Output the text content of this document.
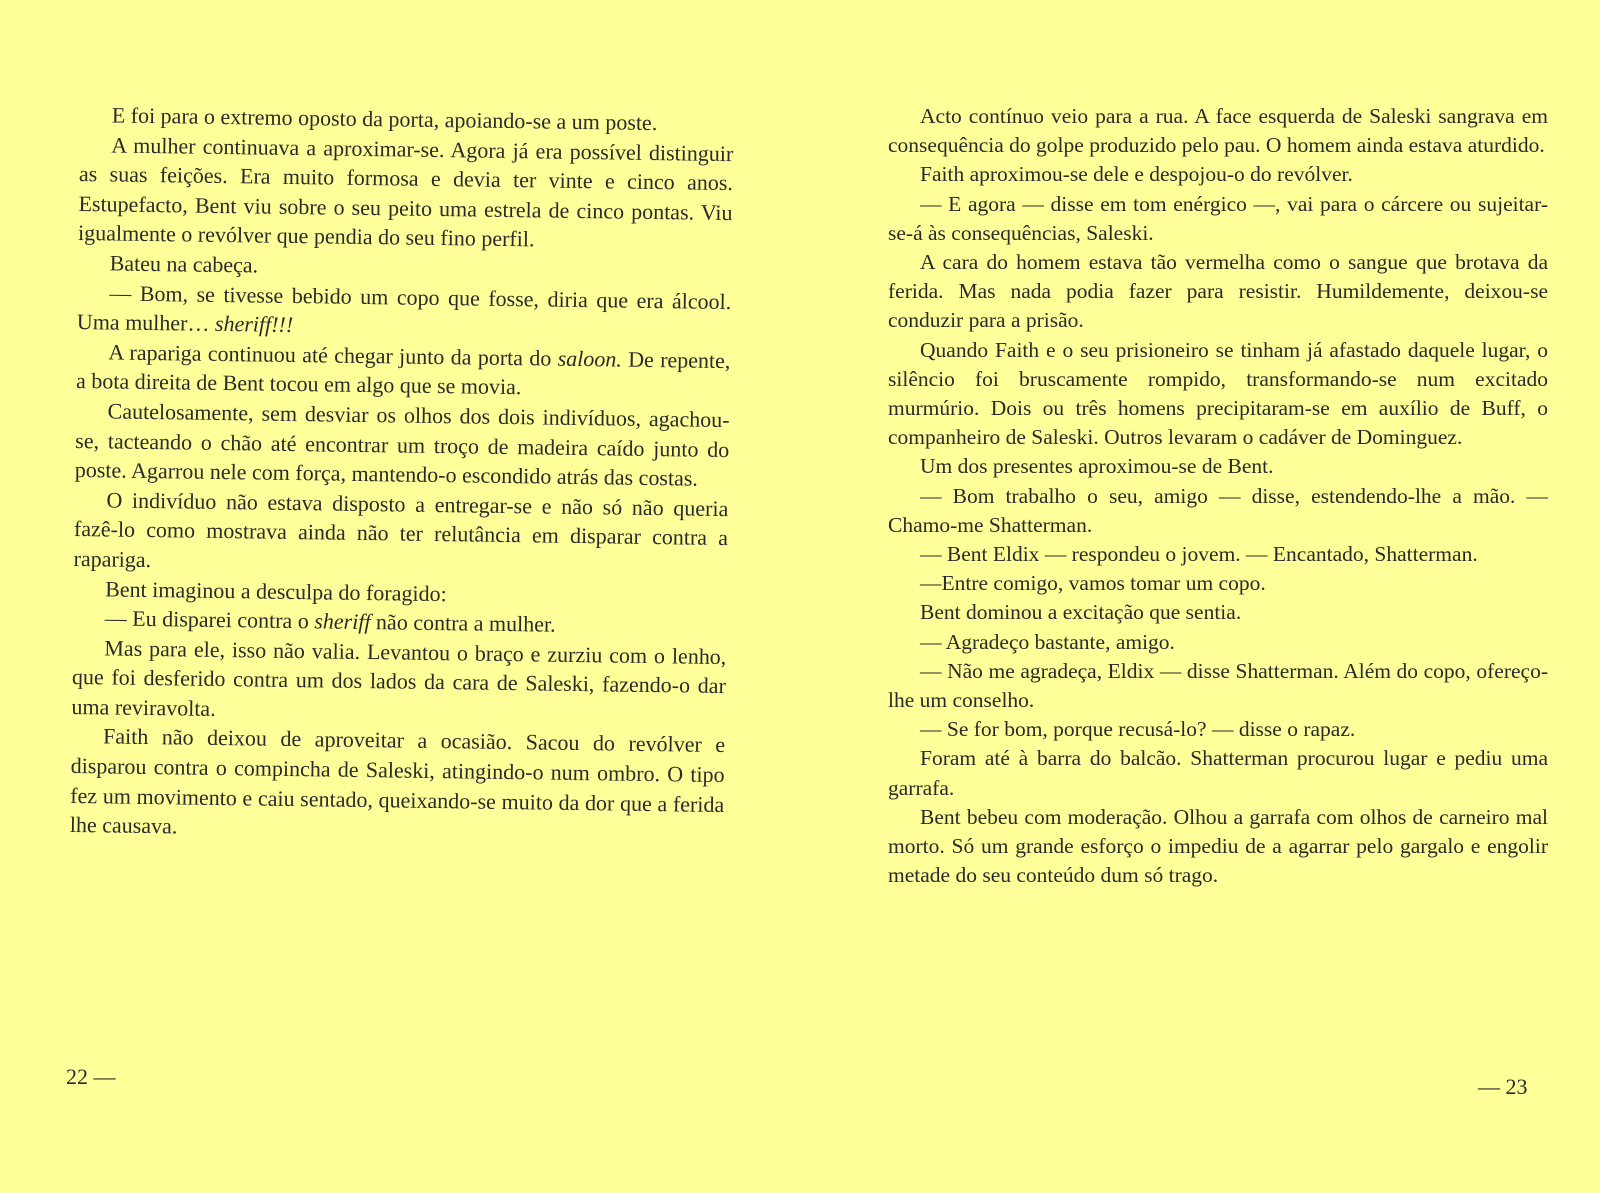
E foi para o extremo oposto da porta, apoiando-se a um poste.

A mulher continuava a aproximar-se. Agora já era possível distinguir as suas feições. Era muito formosa e devia ter vinte e cinco anos. Estupefacto, Bent viu sobre o seu peito uma estrela de cinco pontas. Viu igualmente o revólver que pendia do seu fino perfil.

Bateu na cabeça.

— Bom, se tivesse bebido um copo que fosse, diria que era álcool. Uma mulher… sheriff!!!

A rapariga continuou até chegar junto da porta do saloon. De repente, a bota direita de Bent tocou em algo que se movia.

Cautelosamente, sem desviar os olhos dos dois indivíduos, agachou-se, tacteando o chão até encontrar um troço de madeira caído junto do poste. Agarrou nele com força, mantendo-o escondido atrás das costas.

O indivíduo não estava disposto a entregar-se e não só não queria fazê-lo como mostrava ainda não ter relutância em disparar contra a rapariga.

Bent imaginou a desculpa do foragido:

— Eu disparei contra o sheriff não contra a mulher.

Mas para ele, isso não valia. Levantou o braço e zurziu com o lenho, que foi desferido contra um dos lados da cara de Saleski, fazendo-o dar uma reviravolta.

Faith não deixou de aproveitar a ocasião. Sacou do revólver e disparou contra o compincha de Saleski, atingindo-o num ombro. O tipo fez um movimento e caiu sentado, queixando-se muito da dor que a ferida lhe causava.

Acto contínuo veio para a rua. A face esquerda de Saleski sangrava em consequência do golpe produzido pelo pau. O homem ainda estava aturdido.

Faith aproximou-se dele e despojou-o do revólver.

— E agora — disse em tom enérgico —, vai para o cárcere ou sujeitar-se-á às consequências, Saleski.

A cara do homem estava tão vermelha como o sangue que brotava da ferida. Mas nada podia fazer para resistir. Humildemente, deixou-se conduzir para a prisão.

Quando Faith e o seu prisioneiro se tinham já afastado daquele lugar, o silêncio foi bruscamente rompido, transformando-se num excitado murmúrio. Dois ou três homens precipitaram-se em auxílio de Buff, o companheiro de Saleski. Outros levaram o cadáver de Dominguez.

Um dos presentes aproximou-se de Bent.

— Bom trabalho o seu, amigo — disse, estendendo-lhe a mão. — Chamo-me Shatterman.

— Bent Eldix — respondeu o jovem. — Encantado, Shatterman.

—Entre comigo, vamos tomar um copo.

Bent dominou a excitação que sentia.

— Agradeço bastante, amigo.

— Não me agradeça, Eldix — disse Shatterman. Além do copo, ofereço-lhe um conselho.

— Se for bom, porque recusá-lo? — disse o rapaz.

Foram até à barra do balcão. Shatterman procurou lugar e pediu uma garrafa.

Bent bebeu com moderação. Olhou a garrafa com olhos de carneiro mal morto. Só um grande esforço o impediu de a agarrar pelo gargalo e engolir metade do seu conteúdo dum só trago.

22 —	— 23
